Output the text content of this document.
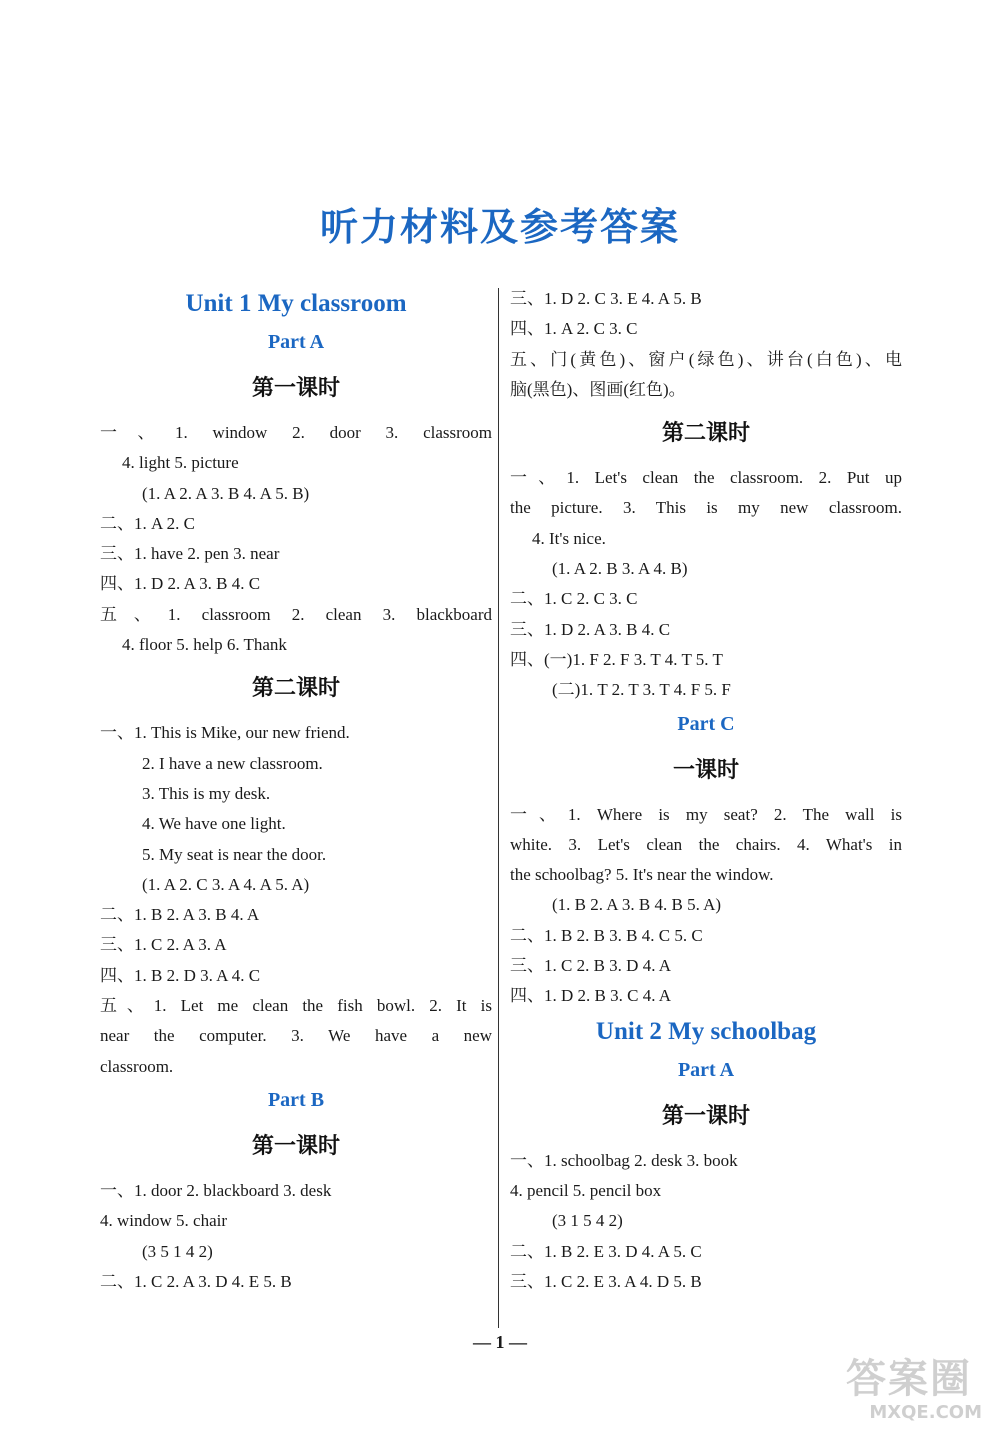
听力材料及参考答案
Unit 1 My classroom
Part A
第一课时
一、1. window 2. door 3. classroom
4. light 5. picture
(1. A 2. A 3. B 4. A 5. B)
二、1. A 2. C
三、1. have 2. pen 3. near
四、1. D 2. A 3. B 4. C
五、1. classroom 2. clean 3. blackboard
4. floor 5. help 6. Thank
第二课时
一、1. This is Mike, our new friend.
2. I have a new classroom.
3. This is my desk.
4. We have one light.
5. My seat is near the door.
(1. A 2. C 3. A 4. A 5. A)
二、1. B 2. A 3. B 4. A
三、1. C 2. A 3. A
四、1. B 2. D 3. A 4. C
五、1. Let me clean the fish bowl. 2. It is
near the computer. 3. We have a new
classroom.
Part B
第一课时
一、1. door 2. blackboard 3. desk
4. window 5. chair
(3 5 1 4 2)
二、1. C 2. A 3. D 4. E 5. B
三、1. D 2. C 3. E 4. A 5. B
四、1. A 2. C 3. C
五、门(黄色)、窗户(绿色)、讲台(白色)、电
脑(黑色)、图画(红色)。
第二课时
一、1. Let's clean the classroom. 2. Put up
the picture. 3. This is my new classroom.
4. It's nice.
(1. A 2. B 3. A 4. B)
二、1. C 2. C 3. C
三、1. D 2. A 3. B 4. C
四、(一)1. F 2. F 3. T 4. T 5. T
(二)1. T 2. T 3. T 4. F 5. F
Part C
一课时
一、1. Where is my seat? 2. The wall is
white. 3. Let's clean the chairs. 4. What's in
the schoolbag? 5. It's near the window.
(1. B 2. A 3. B 4. B 5. A)
二、1. B 2. B 3. B 4. C 5. C
三、1. C 2. B 3. D 4. A
四、1. D 2. B 3. C 4. A
Unit 2 My schoolbag
Part A
第一课时
一、1. schoolbag 2. desk 3. book
4. pencil 5. pencil box
(3 1 5 4 2)
二、1. B 2. E 3. D 4. A 5. C
三、1. C 2. E 3. A 4. D 5. B
— 1 —
答案圈
MXQE.COM
